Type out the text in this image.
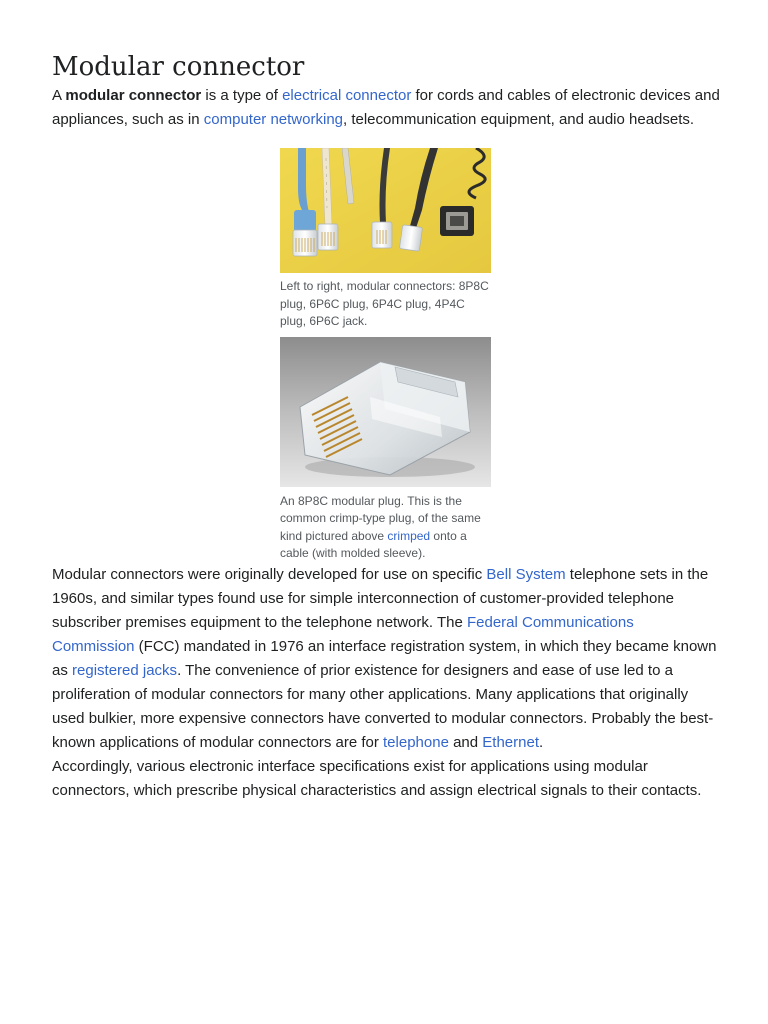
Modular connector

A modular connector is a type of electrical connector for cords and cables of electronic devices and appliances, such as in computer networking, telecommunication equipment, and audio headsets.

Left to right, modular connectors: 8P8C plug, 6P6C plug, 6P4C plug, 4P4C plug, 6P6C jack.
An 8P8C modular plug. This is the common crimp-type plug, of the same kind pictured above crimped onto a cable (with molded sleeve).

Modular connectors were originally developed for use on specific Bell System telephone sets in the 1960s, and similar types found use for simple interconnection of customer-provided telephone subscriber premises equipment to the telephone network. The Federal Communications Commission (FCC) mandated in 1976 an interface registration system, in which they became known as registered jacks. The convenience of prior existence for designers and ease of use led to a proliferation of modular connectors for many other applications. Many applications that originally used bulkier, more expensive connectors have converted to modular connectors. Probably the best-known applications of modular connectors are for telephone and Ethernet.

Accordingly, various electronic interface specifications exist for applications using modular connectors, which prescribe physical characteristics and assign electrical signals to their contacts.
